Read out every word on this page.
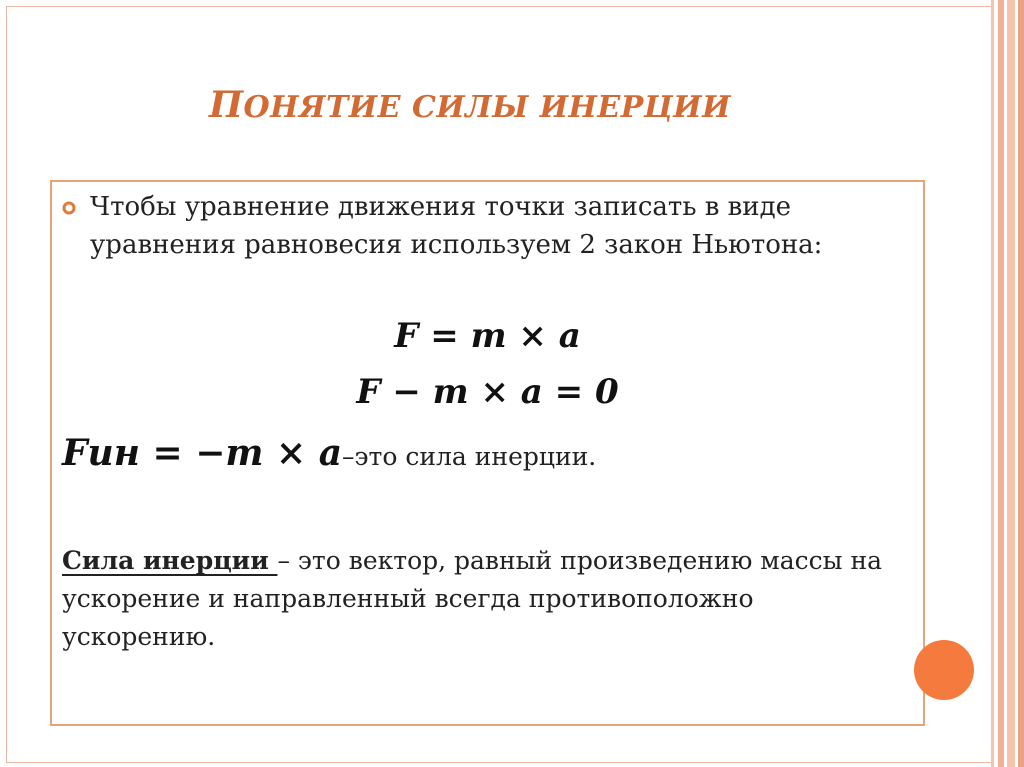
ПОНЯТИЕ СИЛЫ ИНЕРЦИИ
Чтобы уравнение движения точки записать в виде уравнения равновесия используем 2 закон Ньютона:
F = m × a
F − m × a = 0
Fин = −m × a–это сила инерции.
Сила инерции – это вектор, равный произведению массы на ускорение и направленный всегда противоположно ускорению.
